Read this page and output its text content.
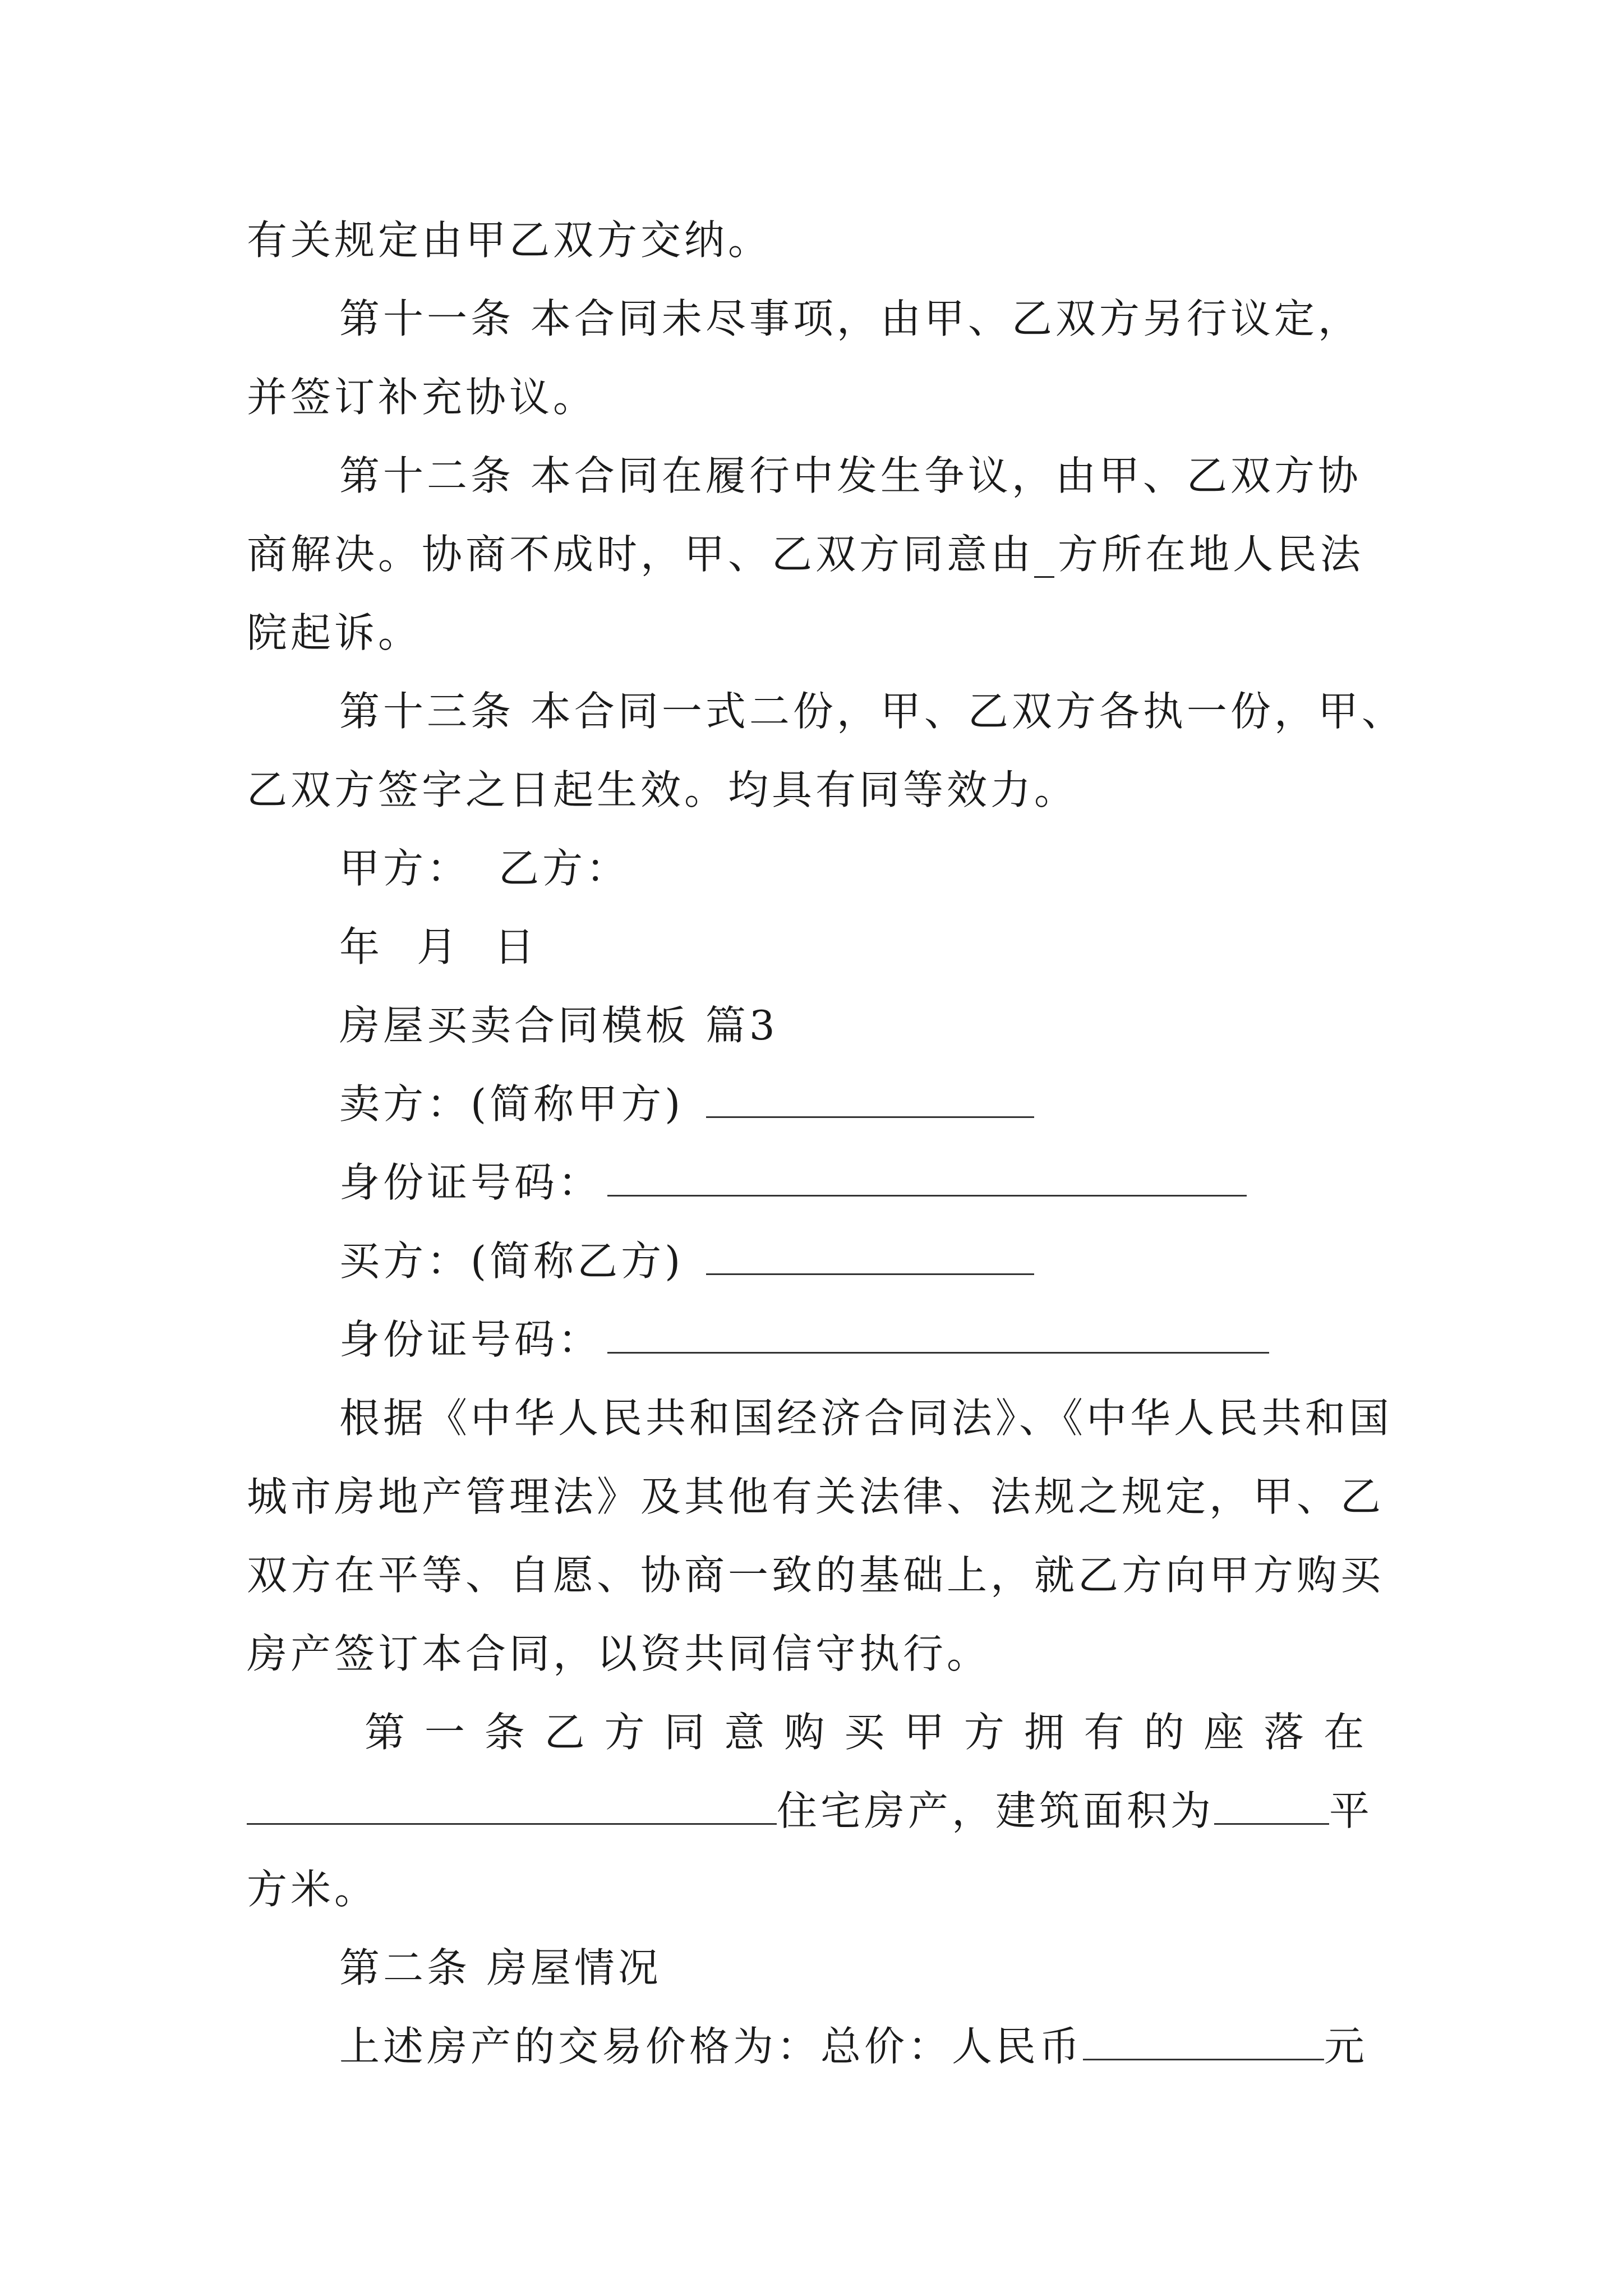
有关规定由甲乙双方交纳。
第十一条 本合同未尽事项，由甲、乙双方另行议定，
并签订补充协议。
第十二条 本合同在履行中发生争议，由甲、乙双方协
商解决。协商不成时，甲、乙双方同意由_方所在地人民法
院起诉。
第十三条 本合同一式二份，甲、乙双方各执一份，甲、
乙双方签字之日起生效。均具有同等效力。
甲方： 乙方：
年 月 日
房屋买卖合同模板 篇3
卖方：(简称甲方)
身份证号码：
买方：(简称乙方)
身份证号码：
根据《中华人民共和国经济合同法》、《中华人民共和国
城市房地产管理法》及其他有关法律、法规之规定，甲、乙
双方在平等、自愿、协商一致的基础上，就乙方向甲方购买
房产签订本合同，以资共同信守执行。
第 一 条 乙 方 同 意 购 买 甲 方 拥 有 的 座 落 在
住宅房产，建筑面积为	平
方米。
第二条 房屋情况
上述房产的交易价格为：总价：人民币	元
